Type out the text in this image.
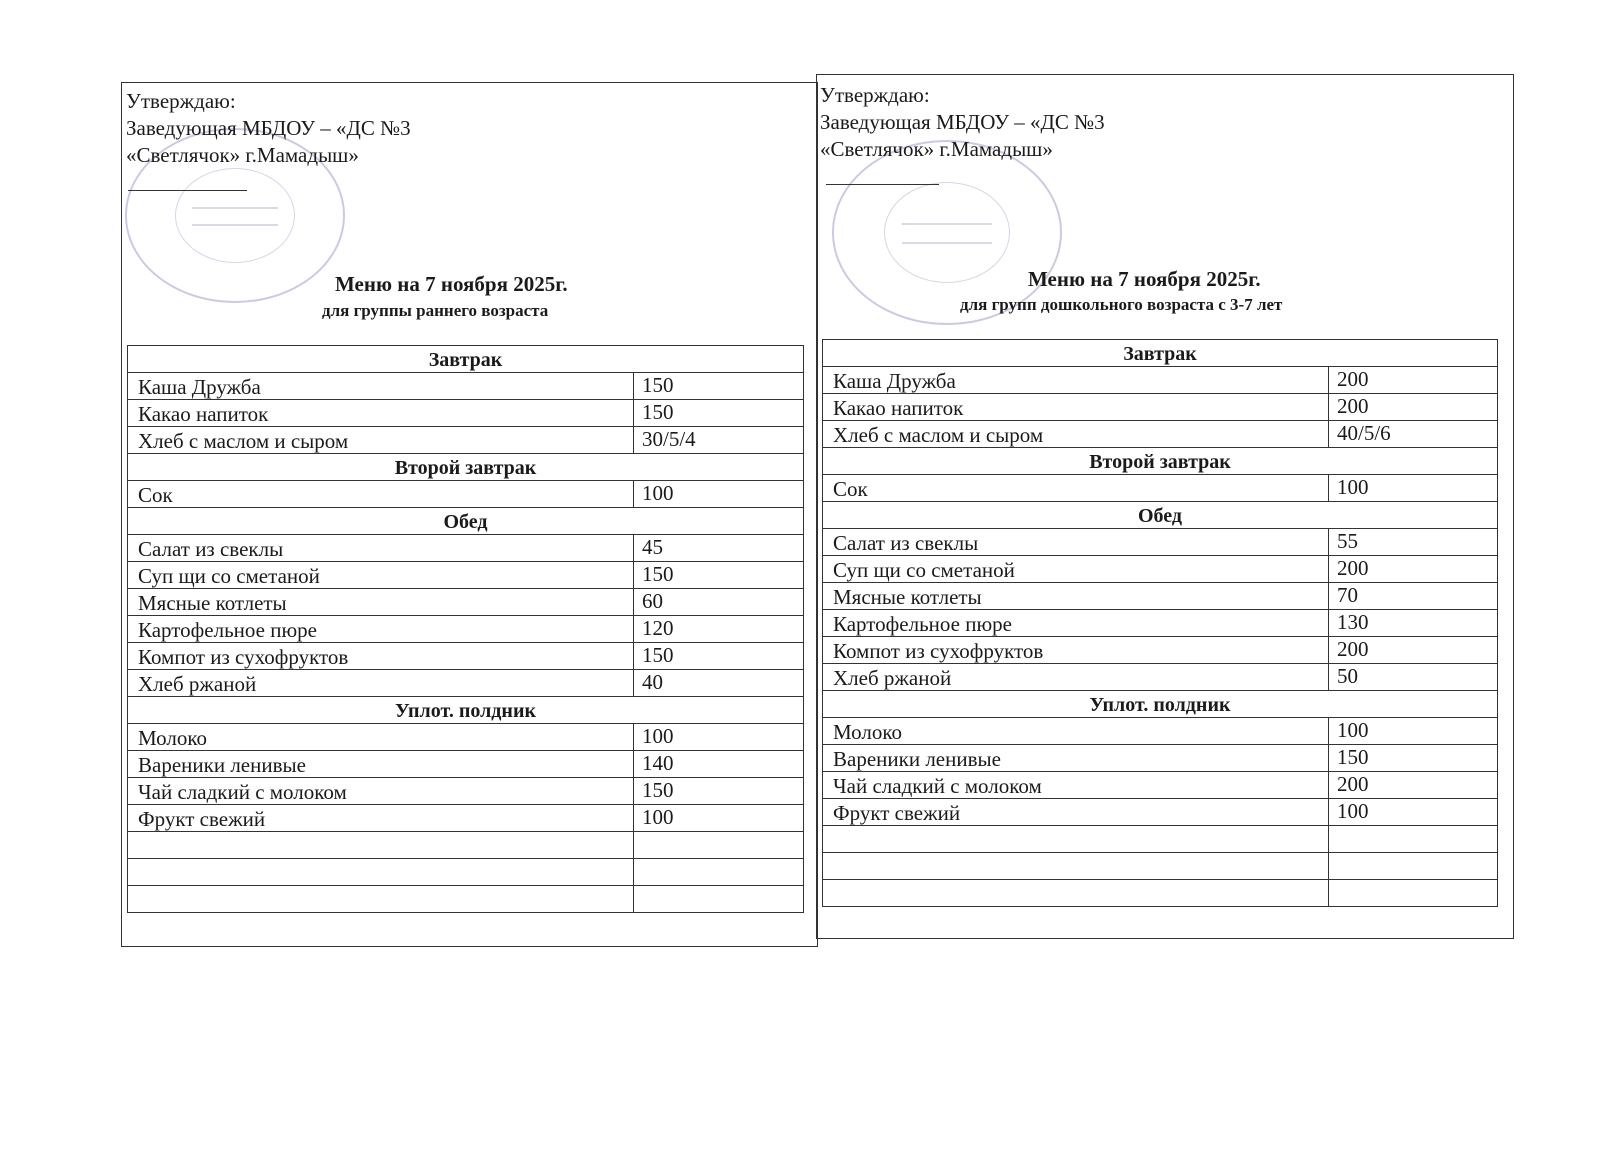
Утверждаю:
Заведующая МБДОУ – «ДС №3
«Светлячок» г.Мамадыш»
Меню на 7 ноября 2025г.
для группы раннего возраста
Завтрак	
Каша Дружба	150
Какао напиток	150
Хлеб с маслом и сыром	30/5/4
Второй завтрак	
Сок	100
Обед	
Салат из свеклы	45
Суп щи со сметаной	150
Мясные котлеты	60
Картофельное пюре	120
Компот из сухофруктов	150
Хлеб ржаной	40
Уплот. полдник	
Молоко	100
Вареники ленивые	140
Чай сладкий с молоком	150
Фрукт свежий	100

Утверждаю:
Заведующая МБДОУ – «ДС №3
«Светлячок» г.Мамадыш»
Меню на 7 ноября 2025г.
для групп дошкольного возраста с 3-7 лет
Завтрак	
Каша Дружба	200
Какао напиток	200
Хлеб с маслом и сыром	40/5/6
Второй завтрак	
Сок	100
Обед	
Салат из свеклы	55
Суп щи со сметаной	200
Мясные котлеты	70
Картофельное пюре	130
Компот из сухофруктов	200
Хлеб ржаной	50
Уплот. полдник	
Молоко	100
Вареники ленивые	150
Чай сладкий с молоком	200
Фрукт свежий	100
